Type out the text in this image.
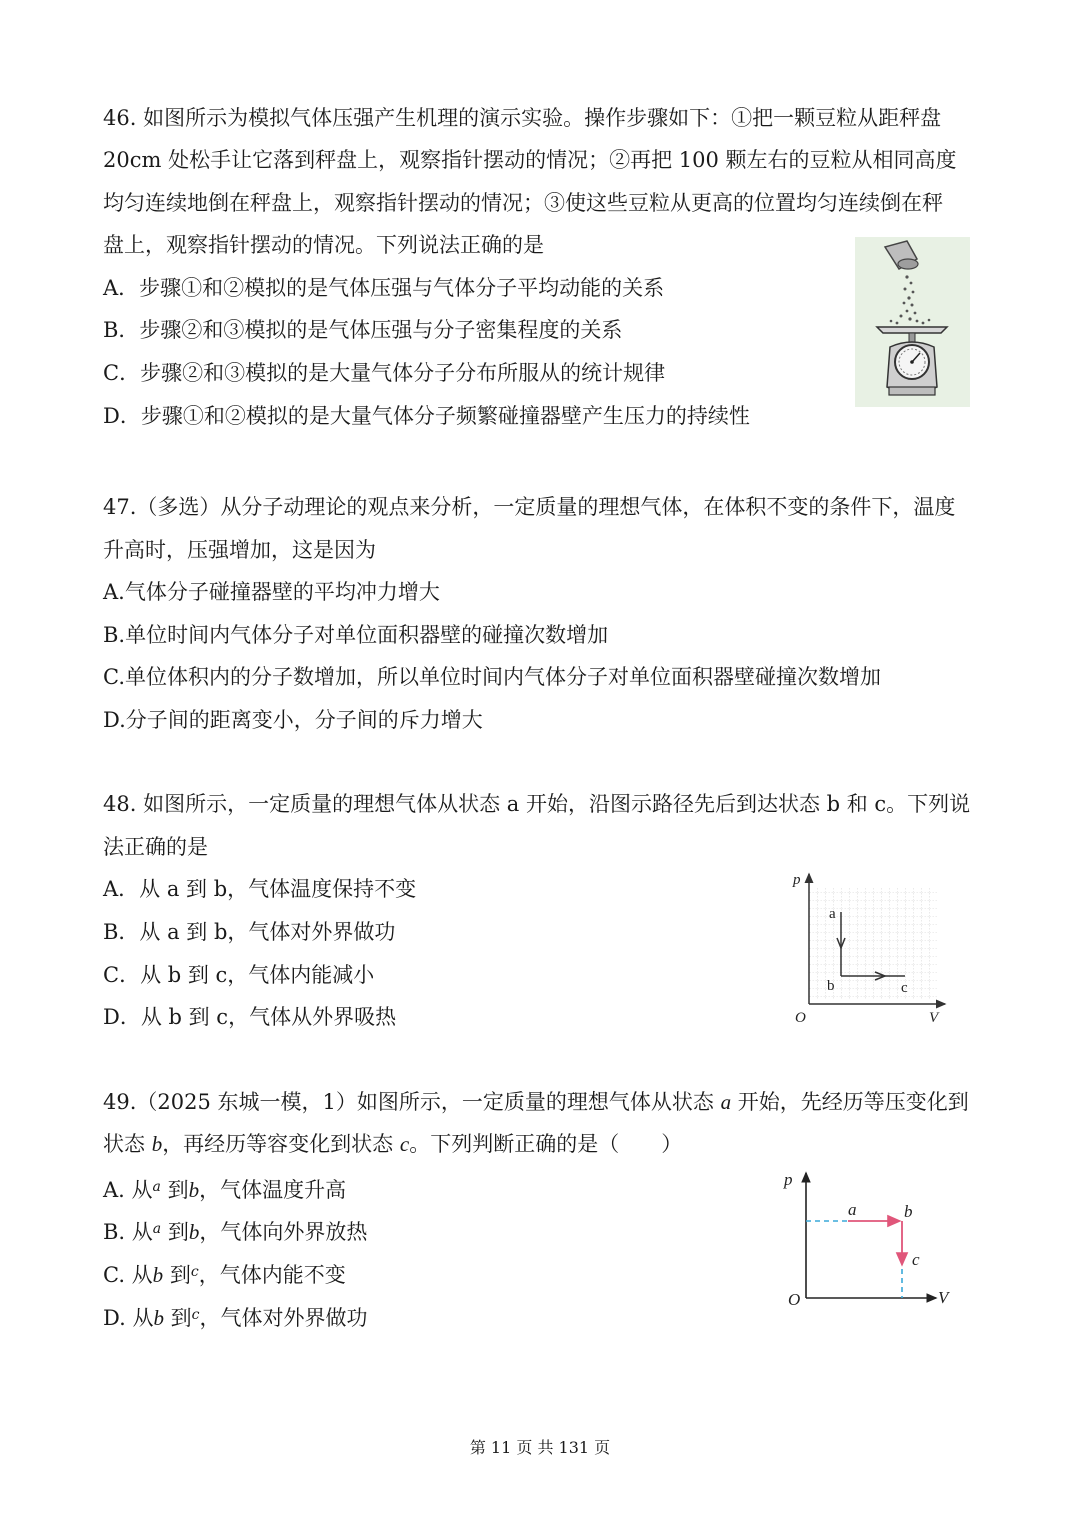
46. 如图所示为模拟气体压强产生机理的演示实验。操作步骤如下：①把一颗豆粒从距秤盘
20cm 处松手让它落到秤盘上，观察指针摆动的情况；②再把 100 颗左右的豆粒从相同高度
均匀连续地倒在秤盘上，观察指针摆动的情况；③使这些豆粒从更高的位置均匀连续倒在秤
盘上，观察指针摆动的情况。下列说法正确的是
A．步骤①和②模拟的是气体压强与气体分子平均动能的关系
B．步骤②和③模拟的是气体压强与分子密集程度的关系
C．步骤②和③模拟的是大量气体分子分布所服从的统计规律
D．步骤①和②模拟的是大量气体分子频繁碰撞器壁产生压力的持续性
47.（多选）从分子动理论的观点来分析，一定质量的理想气体，在体积不变的条件下，温度
升高时，压强增加，这是因为
A.气体分子碰撞器壁的平均冲力增大
B.单位时间内气体分子对单位面积器壁的碰撞次数增加
C.单位体积内的分子数增加，所以单位时间内气体分子对单位面积器壁碰撞次数增加
D.分子间的距离变小，分子间的斥力增大
48. 如图所示，一定质量的理想气体从状态 a 开始，沿图示路径先后到达状态 b 和 c。下列说
法正确的是
A．从 a 到 b，气体温度保持不变
B．从 a 到 b，气体对外界做功
C．从 b 到 c，气体内能减小
D．从 b 到 c，气体从外界吸热
p
V
O
a
b	c
49.（2025 东城一模，1）如图所示，一定质量的理想气体从状态 a 开始，先经历等压变化到
状态 b，再经历等容变化到状态 c。下列判断正确的是（　　）
A. 从$^a$ 到b，气体温度升高
B. 从$^a$ 到b，气体向外界放热
C. 从b 到$^c$，气体内能不变
D. 从b 到$^c$，气体对外界做功
p
V
O
a	b
c
第 11 页 共 131 页
